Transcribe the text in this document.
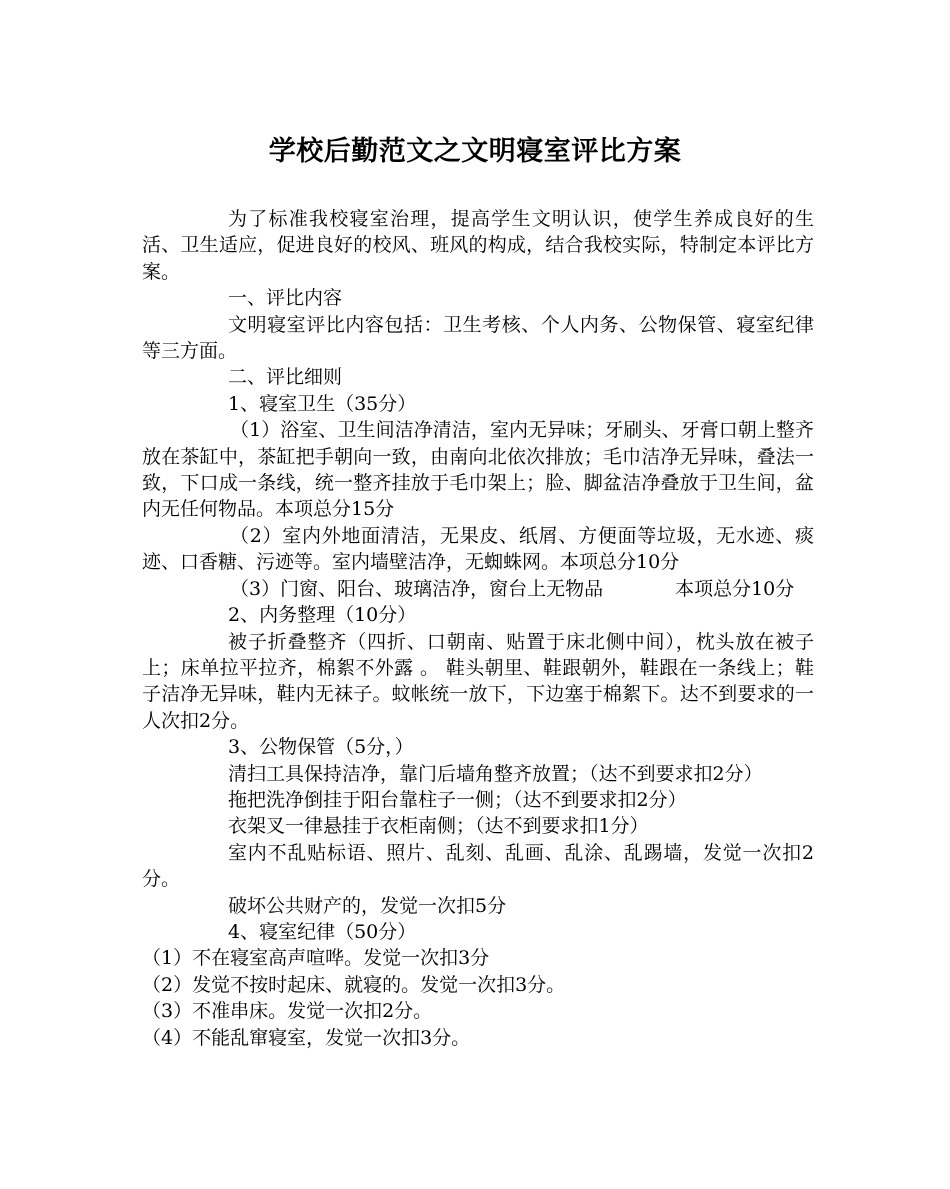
学校后勤范文之文明寝室评比方案

为了标准我校寝室治理，提高学生文明认识，使学生养成良好的生活、卫生适应，促进良好的校风、班风的构成，结合我校实际，特制定本评比方案。

一、评比内容

文明寝室评比内容包括：卫生考核、个人内务、公物保管、寝室纪律等三方面。

二、评比细则

1、寝室卫生（35分）

（1）浴室、卫生间洁净清洁，室内无异味；牙刷头、牙膏口朝上整齐放在茶缸中，茶缸把手朝向一致，由南向北依次排放；毛巾洁净无异味，叠法一致，下口成一条线，统一整齐挂放于毛巾架上；脸、脚盆洁净叠放于卫生间，盆内无任何物品。本项总分15分

（2）室内外地面清洁，无果皮、纸屑、方便面等垃圾，无水迹、痰迹、口香糖、污迹等。室内墙壁洁净，无蜘蛛网。本项总分10分

（3）门窗、阳台、玻璃洁净，窗台上无物品	本项总分10分

2、内务整理（10分）

被子折叠整齐（四折、口朝南、贴置于床北侧中间），枕头放在被子上；床单拉平拉齐，棉絮不外露 。 鞋头朝里、鞋跟朝外，鞋跟在一条线上；鞋子洁净无异味，鞋内无袜子。蚊帐统一放下，下边塞于棉絮下。达不到要求的一人次扣2分。

3、公物保管（5分，）

清扫工具保持洁净，靠门后墙角整齐放置；（达不到要求扣2分）

拖把洗净倒挂于阳台靠柱子一侧；（达不到要求扣2分）

衣架叉一律悬挂于衣柜南侧；（达不到要求扣1分）

室内不乱贴标语、照片、乱刻、乱画、乱涂、乱踢墙，发觉一次扣2分。

破坏公共财产的，发觉一次扣5分

4、寝室纪律（50分）

（1）不在寝室高声喧哗。发觉一次扣3分

（2）发觉不按时起床、就寝的。发觉一次扣3分。

（3）不准串床。发觉一次扣2分。

（4）不能乱窜寝室，发觉一次扣3分。
